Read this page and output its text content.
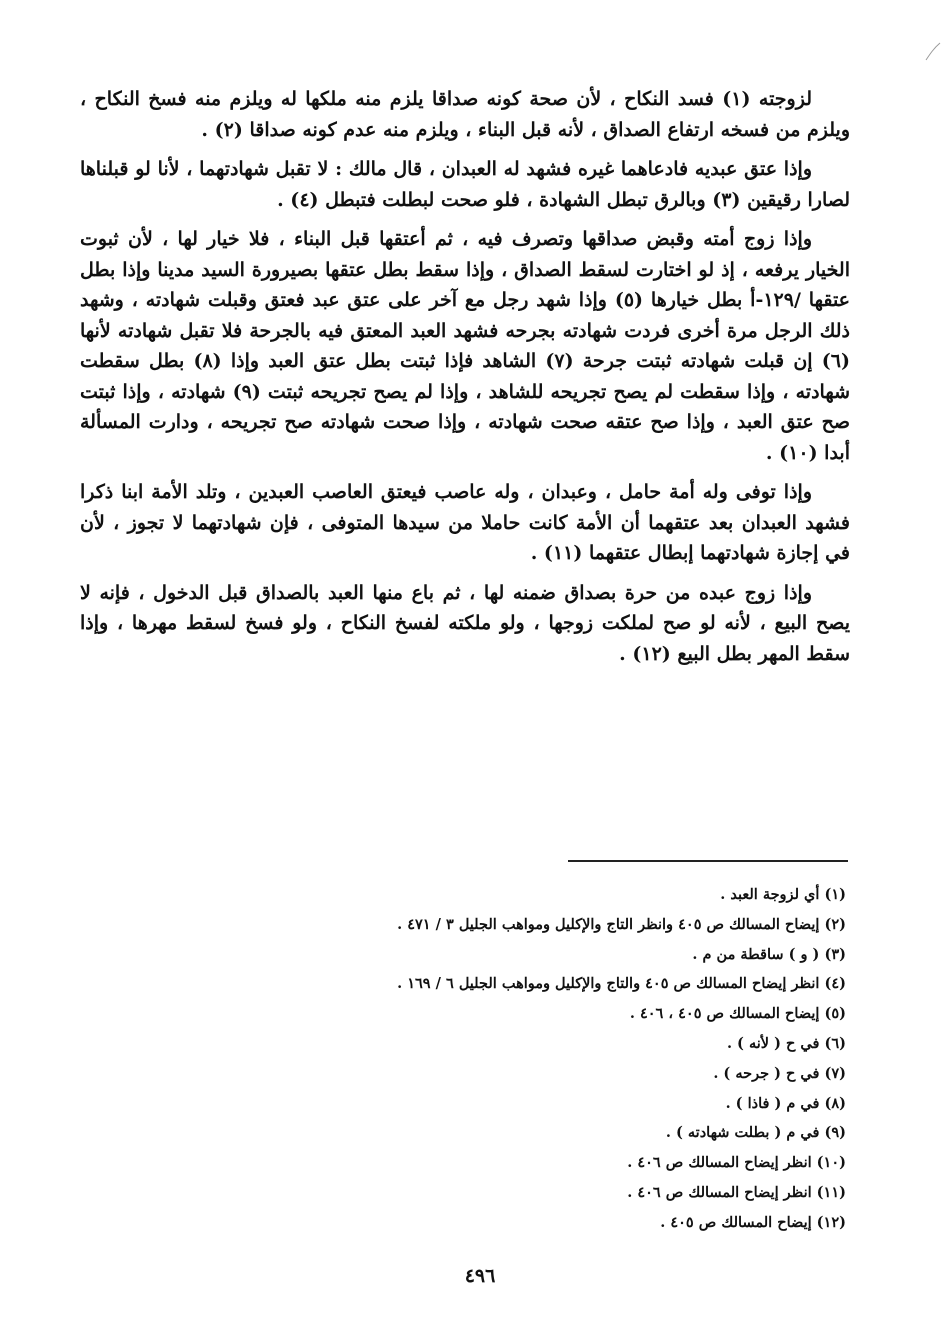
لزوجته (١) فسد النكاح ، لأن صحة كونه صداقا يلزم منه ملكها له ويلزم منه فسخ النكاح ، ويلزم من فسخه ارتفاع الصداق ، لأنه قبل البناء ، ويلزم منه عدم كونه صداقا (٢) .

وإذا عتق عبديه فادعاهما غيره فشهد له العبدان ، قال مالك : لا تقبل شهادتهما ، لأنا لو قبلناها لصارا رقيقين (٣) وبالرق تبطل الشهادة ، فلو صحت لبطلت فتبطل (٤) .

وإذا زوج أمته وقبض صداقها وتصرف فيه ، ثم أعتقها قبل البناء ، فلا خيار لها ، لأن ثبوت الخيار يرفعه ، إذ لو اختارت لسقط الصداق ، وإذا سقط بطل عتقها بصيرورة السيد مدينا وإذا بطل عتقها /١٢٩-أ بطل خيارها (٥) وإذا شهد رجل مع آخر على عتق عبد فعتق وقبلت شهادته ، وشهد ذلك الرجل مرة أخرى فردت شهادته بجرحه فشهد العبد المعتق فيه بالجرحة فلا تقبل شهادته لأنها (٦) إن قبلت شهادته ثبتت جرحة (٧) الشاهد فإذا ثبتت بطل عتق العبد وإذا (٨) بطل سقطت شهادته ، وإذا سقطت لم يصح تجريحه للشاهد ، وإذا لم يصح تجريحه ثبتت (٩) شهادته ، وإذا ثبتت صح عتق العبد ، وإذا صح عتقه صحت شهادته ، وإذا صحت شهادته صح تجريحه ، ودارت المسألة أبدا (١٠) .

وإذا توفى وله أمة حامل ، وعبدان ، وله عاصب فيعتق العاصب العبدين ، وتلد الأمة ابنا ذكرا فشهد العبدان بعد عتقهما أن الأمة كانت حاملا من سيدها المتوفى ، فإن شهادتهما لا تجوز ، لأن في إجازة شهادتهما إبطال عتقهما (١١) .

وإذا زوج عبده من حرة بصداق ضمنه لها ، ثم باع منها العبد بالصداق قبل الدخول ، فإنه لا يصح البيع ، لأنه لو صح لملكت زوجها ، ولو ملكته لفسخ النكاح ، ولو فسخ لسقط مهرها ، وإذا سقط المهر بطل البيع (١٢) .

(١) أي لزوجة العبد .
(٢) إيضاح المسالك ص ٤٠٥ وانظر التاج والإكليل ومواهب الجليل ٣ / ٤٧١ .
(٣) ( و ) ساقطة من م .
(٤) انظر إيضاح المسالك ص ٤٠٥ والتاج والإكليل ومواهب الجليل ٦ / ١٦٩ .
(٥) إيضاح المسالك ص ٤٠٥ ، ٤٠٦ .
(٦) في ح ( لأنه ) .
(٧) في ح ( جرحه ) .
(٨) في م ( فاذا ) .
(٩) في م ( بطلت شهادته ) .
(١٠) انظر إيضاح المسالك ص ٤٠٦ .
(١١) انظر إيضاح المسالك ص ٤٠٦ .
(١٢) إيضاح المسالك ص ٤٠٥ .
٤٩٦
